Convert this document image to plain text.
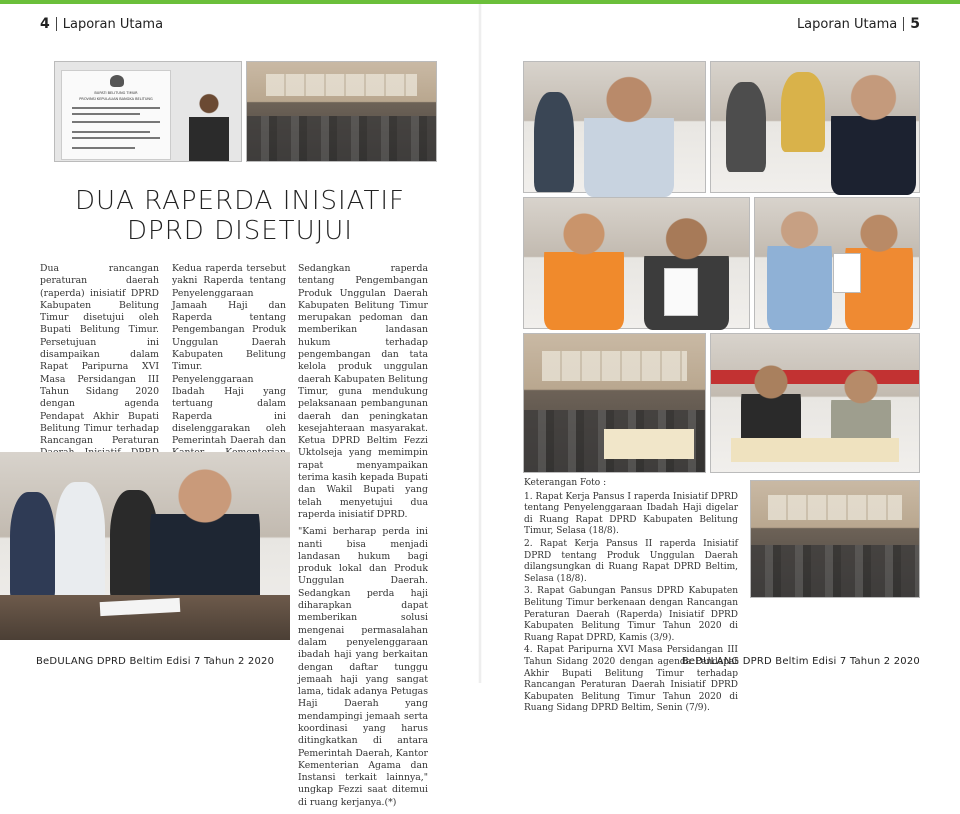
4 Laporan Utama	Laporan Utama 5
BUPATI BELITUNG TIMUR
PROVINSI KEPULAUAN BANGKA BELITUNG
DUA RAPERDA INISIATIF
DPRD DISETUJUI

Dua rancangan peraturan daerah (raperda) inisiatif DPRD Kabupaten Belitung Timur disetujui oleh Bupati Belitung Timur. Persetujuan ini disampaikan dalam Rapat Paripurna XVI Masa Persidangan III Tahun Sidang 2020 dengan agenda Pendapat Akhir Bupati Belitung Timur terhadap Rancangan Peraturan

Kedua raperda tersebut yakni Raperda tentang Penyelenggaraan Jamaah Haji dan Raperda tentang Pengembangan Produk Unggulan Daerah Kabupaten Belitung Timur. Penyelenggaraan Ibadah Haji yang tertuang dalam Raperda ini diselenggarakan oleh Pemerintah Daerah dan

Sedangkan raperda tentang Pengembangan Produk Unggulan Daerah Kabupaten Belitung Timur merupakan pedoman dan memberikan landasan hukum terhadap pengembangan dan tata kelola produk unggulan daerah Kabupaten Belitung Timur, guna mendukung pelaksanaan pembangunan daerah dan peningkatan kesejahteraan masyarakat. Ketua DPRD Beltim Fezzi Uktolseja yang memimpin rapat menyampaikan terima kasih kepada Bupati dan Wakil Bupati yang telah menyetujui dua raperda inisiatif DPRD.

"Kami berharap perda ini nanti bisa menjadi landasan hukum bagi produk lokal dan Produk Unggulan Daerah. Sedangkan perda haji diharapkan dapat memberikan solusi mengenai permasalahan dalam penyelenggaraan ibadah haji yang berkaitan dengan daftar tunggu jemaah haji yang sangat lama, tidak adanya Petugas Haji Daerah yang mendampingi jemaah serta koordinasi yang harus ditingkatkan di antara Pemerintah Daerah, Kantor Kementerian Agama dan Instansi terkait lainnya," ungkap Fezzi saat ditemui di ruang kerjanya.(*)

Keterangan Foto :
1. Rapat Kerja Pansus I raperda Inisiatif DPRD tentang Penyelenggaraan Ibadah Haji digelar di Ruang Rapat DPRD Kabupaten Belitung Timur, Selasa (18/8).
2. Rapat Kerja Pansus II raperda Inisiatif DPRD tentang Produk Unggulan Daerah dilangsungkan di Ruang Rapat DPRD Beltim, Selasa (18/8).
3. Rapat Gabungan Pansus DPRD Kabupaten Belitung Timur berkenaan dengan Rancangan Peraturan Daerah (Raperda) Inisiatif DPRD Kabupaten Belitung Timur Tahun 2020 di Ruang Rapat DPRD, Kamis (3/9).
4. Rapat Paripurna XVI Masa Persidangan III Tahun Sidang 2020 dengan agenda Pendapat Akhir Bupati Belitung Timur terhadap Rancangan Peraturan Daerah Inisiatif DPRD Kabupaten Belitung Timur Tahun 2020 di Ruang Sidang DPRD Beltim, Senin (7/9).
BeDULANG DPRD Beltim Edisi 7 Tahun 2 2020	BeDULANG DPRD Beltim Edisi 7 Tahun 2 2020
